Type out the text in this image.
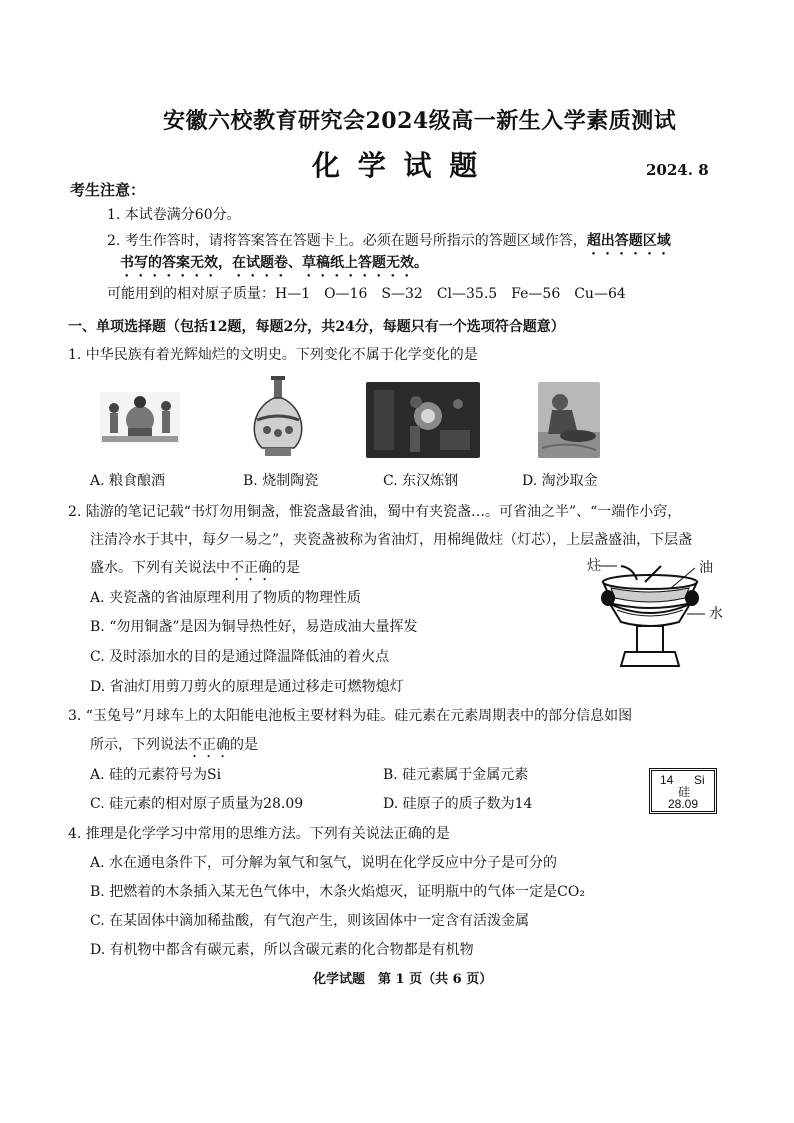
安徽六校教育研究会2024级高一新生入学素质测试
化 学 试 题	2024. 8
考生注意：
1. 本试卷满分60分。
2. 考生作答时，请将答案答在答题卡上。必须在题号所指示的答题区域作答，超出答题区域
书写的答案无效，在试题卷、草稿纸上答题无效。
可能用到的相对原子质量：H—1　O—16　S—32　Cl—35.5　Fe—56　Cu—64
一、单项选择题（包括12题，每题2分，共24分，每题只有一个选项符合题意）
1. 中华民族有着光辉灿烂的文明史。下列变化不属于化学变化的是
A. 粮食酿酒	B. 烧制陶瓷	C. 东汉炼钢	D. 淘沙取金
2. 陆游的笔记记载“书灯勿用铜盏，惟瓷盏最省油，蜀中有夹瓷盏…。可省油之半”、“一端作小窍，
注清冷水于其中，每夕一易之”，夹瓷盏被称为省油灯，用棉绳做炷（灯芯），上层盏盛油，下层盏
盛水。下列有关说法中不正确的是
A. 夹瓷盏的省油原理利用了物质的物理性质
B. “勿用铜盏”是因为铜导热性好，易造成油大量挥发
C. 及时添加水的目的是通过降温降低油的着火点
D. 省油灯用剪刀剪火的原理是通过移走可燃物熄灯
炷	油
水
3. “玉兔号”月球车上的太阳能电池板主要材料为硅。硅元素在元素周期表中的部分信息如图
所示，下列说法不正确的是
A. 硅的元素符号为Si	B. 硅元素属于金属元素
C. 硅元素的相对原子质量为28.09	D. 硅原子的质子数为14
14 Si
硅
28.09
4. 推理是化学学习中常用的思维方法。下列有关说法正确的是
A. 水在通电条件下，可分解为氧气和氢气，说明在化学反应中分子是可分的
B. 把燃着的木条插入某无色气体中，木条火焰熄灭，证明瓶中的气体一定是CO₂
C. 在某固体中滴加稀盐酸，有气泡产生，则该固体中一定含有活泼金属
D. 有机物中都含有碳元素，所以含碳元素的化合物都是有机物
化学试题　第 1 页（共 6 页）
